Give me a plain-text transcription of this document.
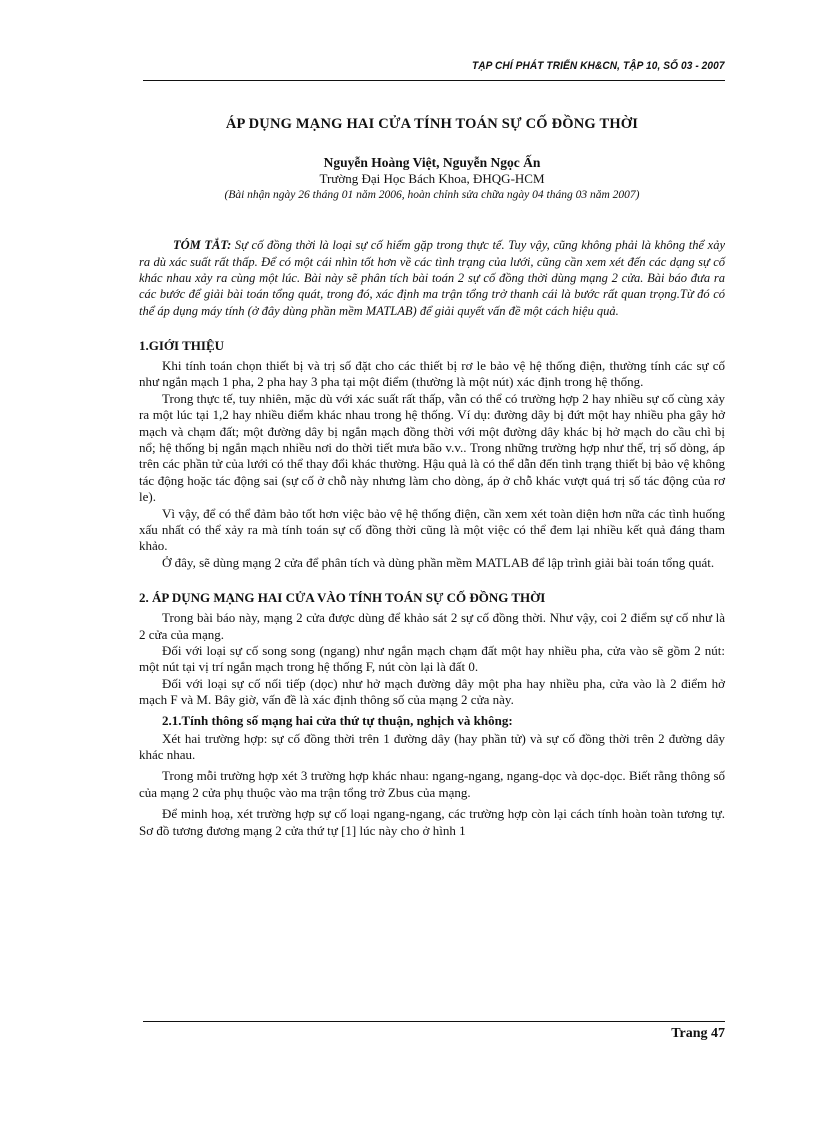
TẠP CHÍ PHÁT TRIỂN KH&CN, TẬP 10, SỐ 03 - 2007
ÁP DỤNG MẠNG HAI CỬA TÍNH TOÁN SỰ CỐ ĐỒNG THỜI

Nguyễn Hoàng Việt, Nguyễn Ngọc Ấn

Trường Đại Học Bách Khoa, ĐHQG-HCM

(Bài nhận ngày 26 tháng 01 năm 2006, hoàn chỉnh sửa chữa ngày 04 tháng 03 năm 2007)

TÓM TẮT: Sự cố đồng thời là loại sự cố hiếm gặp trong thực tế. Tuy vậy, cũng không phải là không thể xảy ra dù xác suất rất thấp. Để có một cái nhìn tốt hơn về các tình trạng của lưới, cũng cần xem xét đến các dạng sự cố khác nhau xảy ra cùng một lúc. Bài này sẽ phân tích bài toán 2 sự cố đồng thời dùng mạng 2 cửa. Bài báo đưa ra các bước để giải bài toán tổng quát, trong đó, xác định ma trận tổng trở thanh cái là bước rất quan trọng.Từ đó có thể áp dụng máy tính (ở đây dùng phần mềm MATLAB) để giải quyết vấn đề một cách hiệu quả.

1.GIỚI THIỆU

Khi tính toán chọn thiết bị và trị số đặt cho các thiết bị rơ le bảo vệ hệ thống điện, thường tính các sự cố như ngắn mạch 1 pha, 2 pha hay 3 pha tại một điểm (thường là một nút) xác định trong hệ thống.

Trong thực tế, tuy nhiên, mặc dù với xác suất rất thấp, vẫn có thể có trường hợp 2 hay nhiều sự cố cùng xảy ra một lúc tại 1,2 hay nhiều điểm khác nhau trong hệ thống. Ví dụ: đường dây bị đứt một hay nhiều pha gây hở mạch và chạm đất; một đường dây bị ngắn mạch đồng thời với một đường dây khác bị hở mạch do cầu chì bị nổ; hệ thống bị ngắn mạch nhiều nơi do thời tiết mưa bão v.v.. Trong những trường hợp như thế, trị số dòng, áp trên các phần tử của lưới có thể thay đổi khác thường. Hậu quả là có thể dẫn đến tình trạng thiết bị bảo vệ không tác động hoặc tác động sai (sự cố ở chỗ này nhưng làm cho dòng, áp ở chỗ khác vượt quá trị số tác động của rơ le).

Vì vậy, để có thể đảm bảo tốt hơn việc bảo vệ hệ thống điện, cần xem xét toàn diện hơn nữa các tình huống xấu nhất có thể xảy ra mà tính toán sự cố đồng thời cũng là một việc có thể đem lại nhiều kết quả đáng tham khảo.

Ở đây, sẽ dùng mạng 2 cửa để phân tích và dùng phần mềm MATLAB để lập trình giải bài toán tổng quát.

2. ÁP DỤNG MẠNG HAI CỬA VÀO TÍNH TOÁN SỰ CỐ ĐỒNG THỜI

Trong bài báo này, mạng 2 cửa được dùng để khảo sát 2 sự cố đồng thời. Như vậy, coi 2 điểm sự cố như là 2 cửa của mạng.

Đối với loại sự cố song song (ngang) như ngắn mạch chạm đất một hay nhiều pha, cửa vào sẽ gồm 2 nút: một nút tại vị trí ngắn mạch trong hệ thống F, nút còn lại là đất 0.

Đối với loại sự cố nối tiếp (dọc) như hở mạch đường dây một pha hay nhiều pha, cửa vào là 2 điểm hở mạch F và M. Bây giờ, vấn đề là xác định thông số của mạng 2 cửa này.

2.1.Tính thông số mạng hai cửa thứ tự thuận, nghịch và không:

Xét hai trường hợp: sự cố đồng thời trên 1 đường dây (hay phần tử) và sự cố đồng thời trên 2 đường dây khác nhau.

Trong mỗi trường hợp xét 3 trường hợp khác nhau: ngang-ngang, ngang-dọc và dọc-dọc. Biết rằng thông số của mạng 2 cửa phụ thuộc vào ma trận tổng trở Zbus của mạng.

Để minh hoạ, xét trường hợp sự cố loại ngang-ngang, các trường hợp còn lại cách tính hoàn toàn tương tự. Sơ đồ tương đương mạng 2 cửa thứ tự [1] lúc này cho ở hình 1

Trang 47
